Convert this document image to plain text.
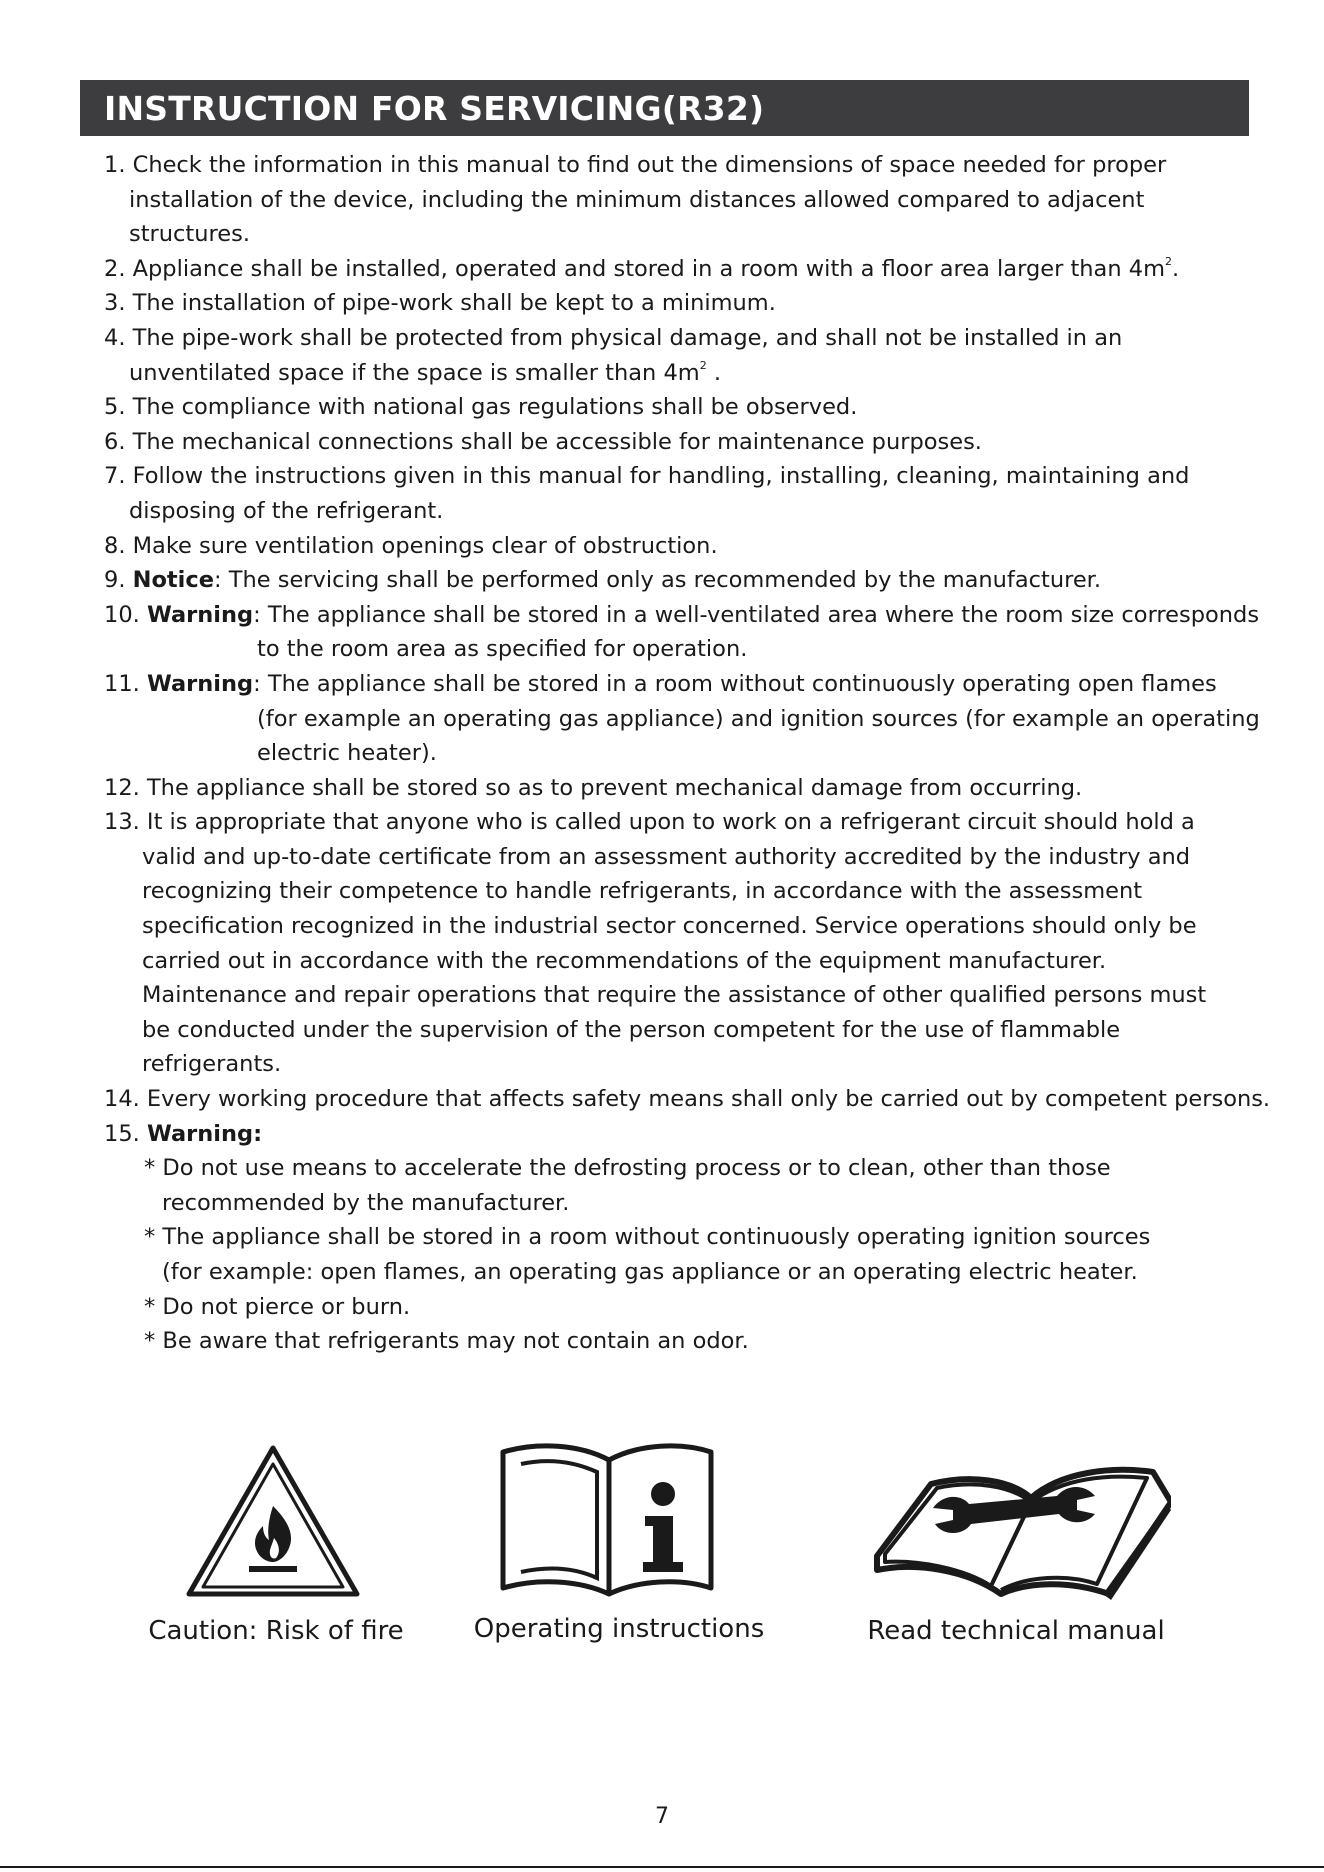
INSTRUCTION FOR SERVICING(R32)
1. Check the information in this manual to find out the dimensions of space needed for proper
installation of the device, including the minimum distances allowed compared to adjacent
structures.
2. Appliance shall be installed, operated and stored in a room with a floor area larger than $4m^2$.
3. The installation of pipe-work shall be kept to a minimum.
4. The pipe-work shall be protected from physical damage, and shall not be installed in an
unventilated space if the space is smaller than $4m^2$ .
5. The compliance with national gas regulations shall be observed.
6. The mechanical connections shall be accessible for maintenance purposes.
7. Follow the instructions given in this manual for handling, installing, cleaning, maintaining and
disposing of the refrigerant.
8. Make sure ventilation openings clear of obstruction.
9. Notice: The servicing shall be performed only as recommended by the manufacturer.
10. Warning: The appliance shall be stored in a well-ventilated area where the room size corresponds
to the room area as specified for operation.
11. Warning: The appliance shall be stored in a room without continuously operating open flames
(for example an operating gas appliance) and ignition sources (for example an operating
electric heater).
12. The appliance shall be stored so as to prevent mechanical damage from occurring.
13. It is appropriate that anyone who is called upon to work on a refrigerant circuit should hold a
valid and up-to-date certificate from an assessment authority accredited by the industry and
recognizing their competence to handle refrigerants, in accordance with the assessment
specification recognized in the industrial sector concerned. Service operations should only be
carried out in accordance with the recommendations of the equipment manufacturer.
Maintenance and repair operations that require the assistance of other qualified persons must
be conducted under the supervision of the person competent for the use of flammable
refrigerants.
14. Every working procedure that affects safety means shall only be carried out by competent persons.
15. Warning:
* Do not use means to accelerate the defrosting process or to clean, other than those
recommended by the manufacturer.
* The appliance shall be stored in a room without continuously operating ignition sources
(for example: open flames, an operating gas appliance or an operating electric heater.
* Do not pierce or burn.
* Be aware that refrigerants may not contain an odor.
Caution: Risk of fire	Operating instructions	Read technical manual
7
